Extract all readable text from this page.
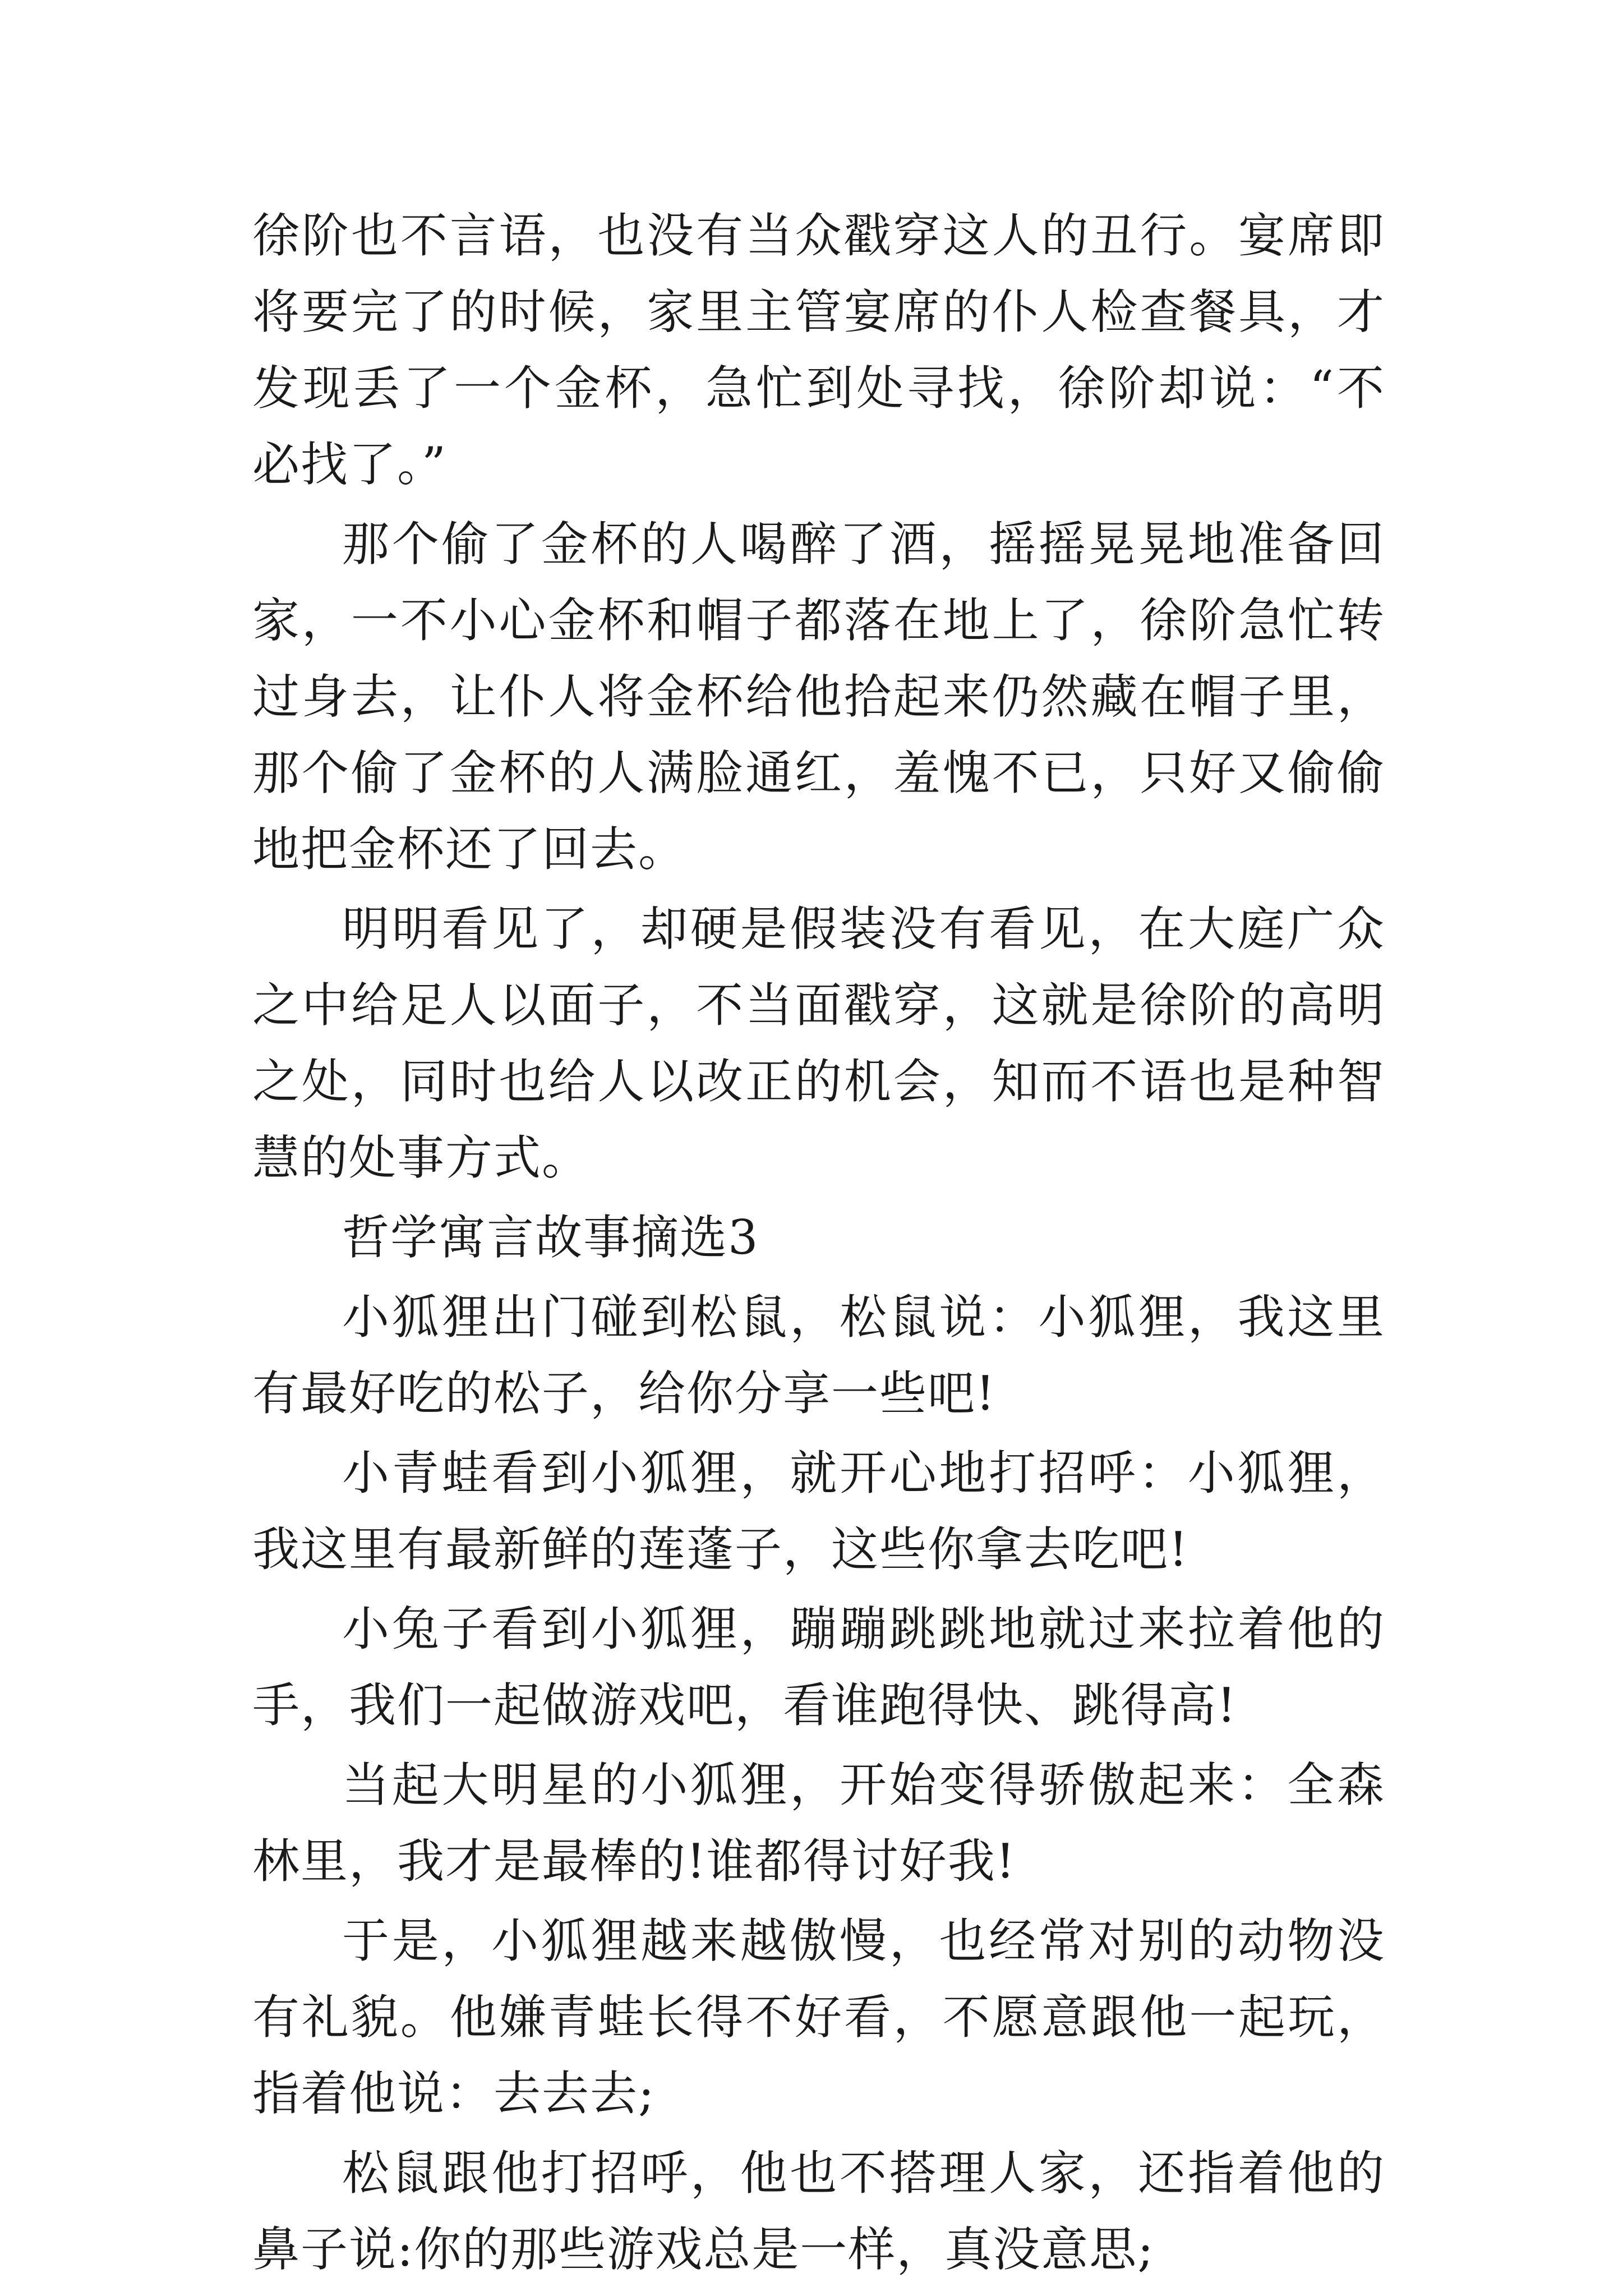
徐阶也不言语，也没有当众戳穿这人的丑行。宴席即将要完了的时候，家里主管宴席的仆人检查餐具，才发现丢了一个金杯，急忙到处寻找，徐阶却说：“不必找了。”

那个偷了金杯的人喝醉了酒，摇摇晃晃地准备回家，一不小心金杯和帽子都落在地上了，徐阶急忙转过身去，让仆人将金杯给他拾起来仍然藏在帽子里，那个偷了金杯的人满脸通红，羞愧不已，只好又偷偷地把金杯还了回去。

明明看见了，却硬是假装没有看见，在大庭广众之中给足人以面子，不当面戳穿，这就是徐阶的高明之处，同时也给人以改正的机会，知而不语也是种智慧的处事方式。

哲学寓言故事摘选3

小狐狸出门碰到松鼠，松鼠说：小狐狸，我这里有最好吃的松子，给你分享一些吧!

小青蛙看到小狐狸，就开心地打招呼：小狐狸，我这里有最新鲜的莲蓬子，这些你拿去吃吧!

小兔子看到小狐狸，蹦蹦跳跳地就过来拉着他的手，我们一起做游戏吧，看谁跑得快、跳得高!

当起大明星的小狐狸，开始变得骄傲起来：全森林里，我才是最棒的!谁都得讨好我!

于是，小狐狸越来越傲慢，也经常对别的动物没有礼貌。他嫌青蛙长得不好看，不愿意跟他一起玩，指着他说：去去去;

松鼠跟他打招呼，他也不搭理人家，还指着他的鼻子说:你的那些游戏总是一样，真没意思;
